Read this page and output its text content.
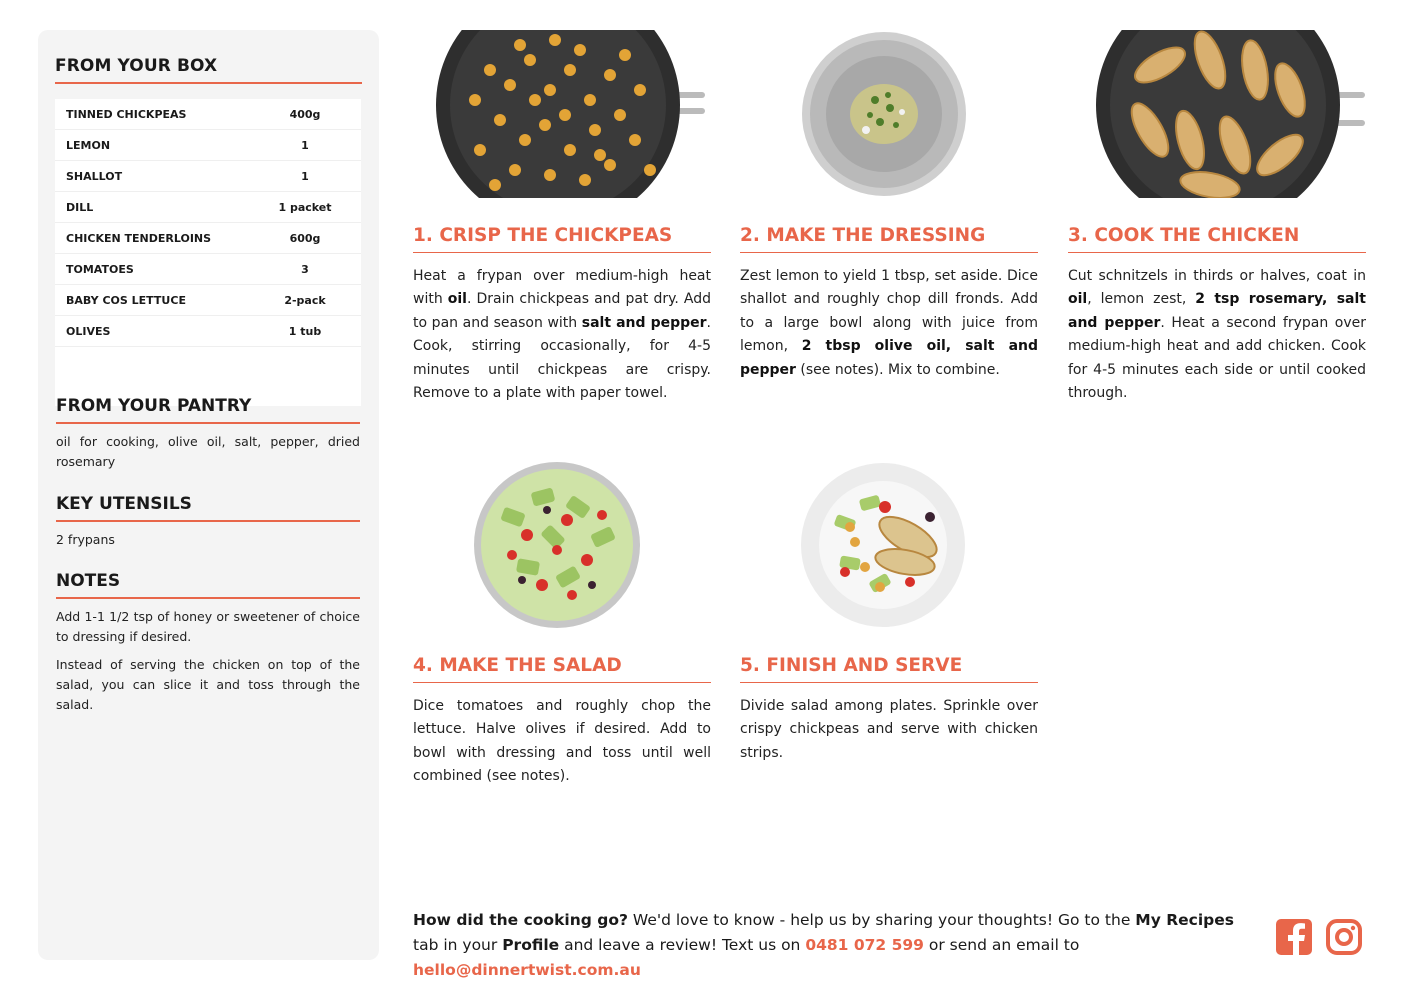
FROM YOUR BOX
TINNED CHICKPEAS	400g
LEMON	1
SHALLOT	1
DILL	1 packet
CHICKEN TENDERLOINS	600g
TOMATOES	3
BABY COS LETTUCE	2-pack
OLIVES	1 tub
FROM YOUR PANTRY
oil for cooking, olive oil, salt, pepper, dried rosemary
KEY UTENSILS
2 frypans
NOTES
Add 1-1 1/2 tsp of honey or sweetener of choice to dressing if desired.
Instead of serving the chicken on top of the salad, you can slice it and toss through the salad.
1. CRISP THE CHICKPEAS
Heat a frypan over medium-high heat with oil. Drain chickpeas and pat dry. Add to pan and season with salt and pepper. Cook, stirring occasionally, for 4-5 minutes until chickpeas are crispy. Remove to a plate with paper towel.
2. MAKE THE DRESSING
Zest lemon to yield 1 tbsp, set aside. Dice shallot and roughly chop dill fronds. Add to a large bowl along with juice from lemon, 2 tbsp olive oil, salt and pepper (see notes). Mix to combine.
3. COOK THE CHICKEN
Cut schnitzels in thirds or halves, coat in oil, lemon zest, 2 tsp rosemary, salt and pepper. Heat a second frypan over medium-high heat and add chicken. Cook for 4-5 minutes each side or until cooked through.
4. MAKE THE SALAD
Dice tomatoes and roughly chop the lettuce. Halve olives if desired. Add to bowl with dressing and toss until well combined (see notes).
5. FINISH AND SERVE
Divide salad among plates. Sprinkle over crispy chickpeas and serve with chicken strips.
How did the cooking go? We'd love to know - help us by sharing your thoughts! Go to the My Recipes tab in your Profile and leave a review! Text us on 0481 072 599 or send an email to hello@dinnertwist.com.au
